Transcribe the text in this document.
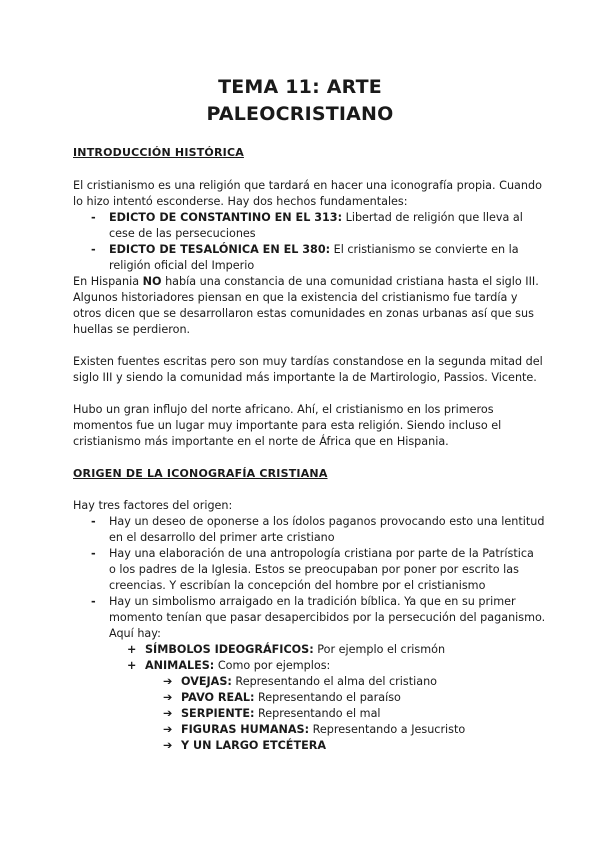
TEMA 11: ARTE
PALEOCRISTIANO
INTRODUCCIÓN HISTÓRICA
El cristianismo es una religión que tardará en hacer una iconografía propia. Cuando
lo hizo intentó esconderse. Hay dos hechos fundamentales:
- EDICTO DE CONSTANTINO EN EL 313: Libertad de religión que lleva al
cese de las persecuciones
- EDICTO DE TESALÓNICA EN EL 380: El cristianismo se convierte en la
religión oficial del Imperio
En Hispania NO había una constancia de una comunidad cristiana hasta el siglo III.
Algunos historiadores piensan en que la existencia del cristianismo fue tardía y
otros dicen que se desarrollaron estas comunidades en zonas urbanas así que sus
huellas se perdieron.
Existen fuentes escritas pero son muy tardías constandose en la segunda mitad del
siglo III y siendo la comunidad más importante la de Martirologio, Passios. Vicente.
Hubo un gran influjo del norte africano. Ahí, el cristianismo en los primeros
momentos fue un lugar muy importante para esta religión. Siendo incluso el
cristianismo más importante en el norte de África que en Hispania.
ORIGEN DE LA ICONOGRAFÍA CRISTIANA
Hay tres factores del origen:
- Hay un deseo de oponerse a los ídolos paganos provocando esto una lentitud
en el desarrollo del primer arte cristiano
- Hay una elaboración de una antropología cristiana por parte de la Patrística
o los padres de la Iglesia. Estos se preocupaban por poner por escrito las
creencias. Y escribían la concepción del hombre por el cristianismo
- Hay un simbolismo arraigado en la tradición bíblica. Ya que en su primer
momento tenían que pasar desapercibidos por la persecución del paganismo.
Aquí hay:
+ SÍMBOLOS IDEOGRÁFICOS: Por ejemplo el crismón
+ ANIMALES: Como por ejemplos:
➔ OVEJAS: Representando el alma del cristiano
➔ PAVO REAL: Representando el paraíso
➔ SERPIENTE: Representando el mal
➔ FIGURAS HUMANAS: Representando a Jesucristo
➔ Y UN LARGO ETCÉTERA
